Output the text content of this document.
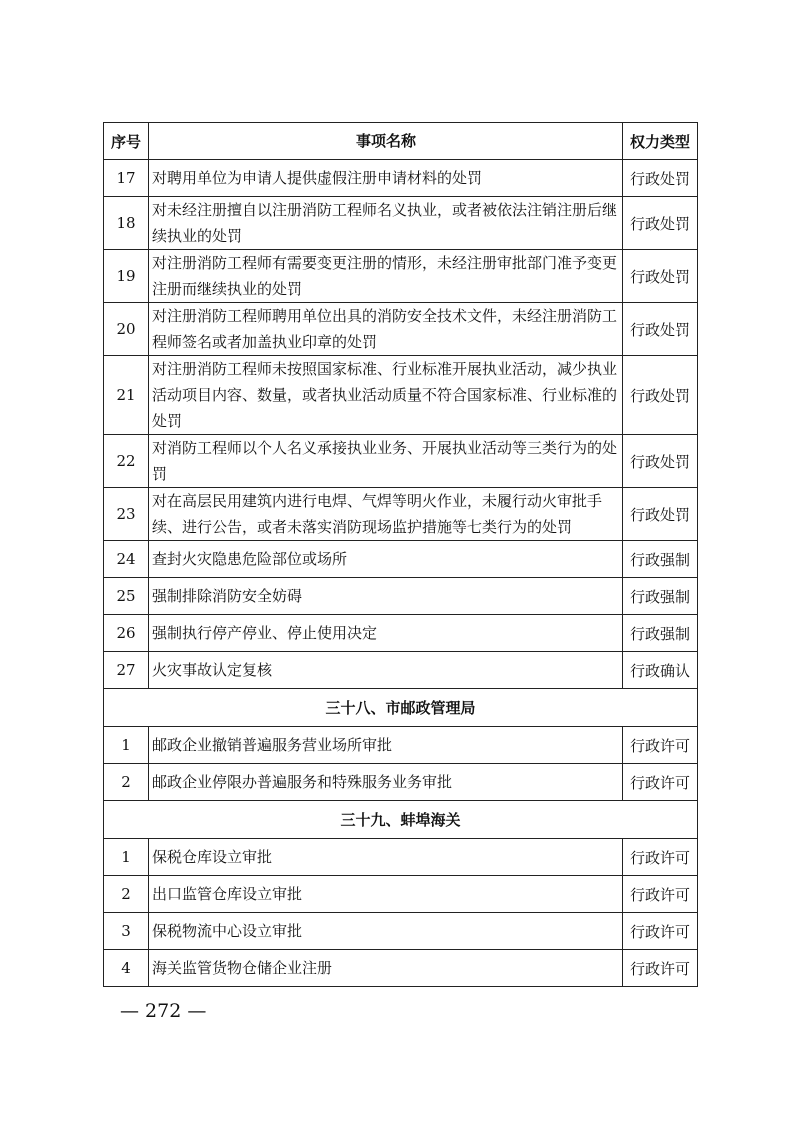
序号	事项名称	权力类型
17	对聘用单位为申请人提供虚假注册申请材料的处罚	行政处罚
18	对未经注册擅自以注册消防工程师名义执业，或者被依法注销注册后继续执业的处罚	行政处罚
19	对注册消防工程师有需要变更注册的情形，未经注册审批部门准予变更注册而继续执业的处罚	行政处罚
20	对注册消防工程师聘用单位出具的消防安全技术文件，未经注册消防工程师签名或者加盖执业印章的处罚	行政处罚
21	对注册消防工程师未按照国家标准、行业标准开展执业活动，减少执业活动项目内容、数量，或者执业活动质量不符合国家标准、行业标准的处罚	行政处罚
22	对消防工程师以个人名义承接执业业务、开展执业活动等三类行为的处罚	行政处罚
23	对在高层民用建筑内进行电焊、气焊等明火作业，未履行动火审批手续、进行公告，或者未落实消防现场监护措施等七类行为的处罚	行政处罚
24	查封火灾隐患危险部位或场所	行政强制
25	强制排除消防安全妨碍	行政强制
26	强制执行停产停业、停止使用决定	行政强制
27	火灾事故认定复核	行政确认
三十八、市邮政管理局		
1	邮政企业撤销普遍服务营业场所审批	行政许可
2	邮政企业停限办普遍服务和特殊服务业务审批	行政许可
三十九、蚌埠海关		
1	保税仓库设立审批	行政许可
2	出口监管仓库设立审批	行政许可
3	保税物流中心设立审批	行政许可
4	海关监管货物仓储企业注册	行政许可
— 272 —
